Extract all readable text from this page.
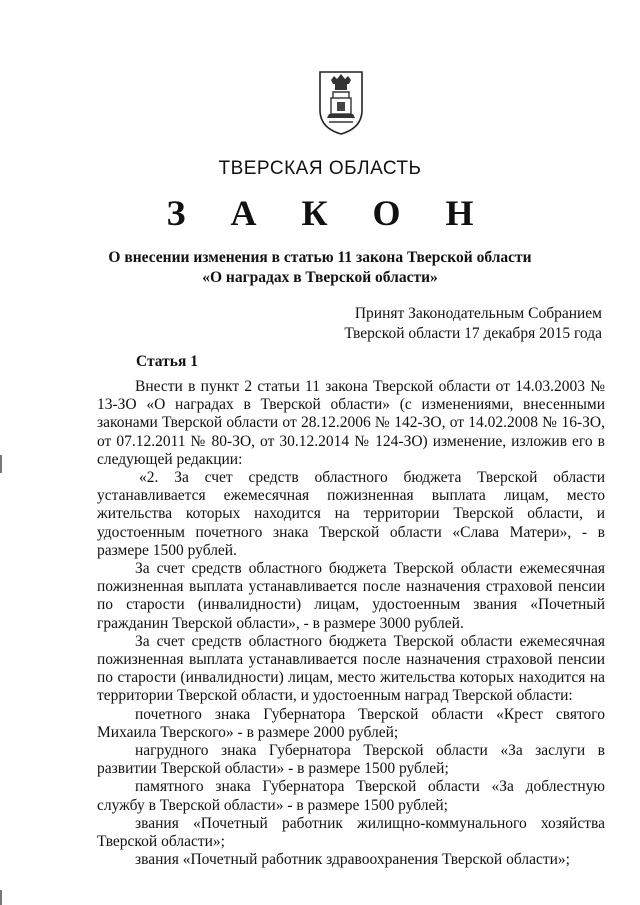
ТВЕРСКАЯ ОБЛАСТЬ
З А К О Н
О внесении изменения в статью 11 закона Тверской области
«О наградах в Тверской области»
Принят Законодательным Собранием
Тверской области 17 декабря 2015 года
Статья 1

Внести в пункт 2 статьи 11 закона Тверской области от 14.03.2003 № 13-ЗО «О наградах в Тверской области» (с изменениями, внесенными законами Тверской области от 28.12.2006 № 142-ЗО, от 14.02.2008 № 16-ЗО, от 07.12.2011 № 80-ЗО, от 30.12.2014 № 124-ЗО) изменение, изложив его в следующей редакции:

«2. За счет средств областного бюджета Тверской области устанавливается ежемесячная пожизненная выплата лицам, место жительства которых находится на территории Тверской области, и удостоенным почетного знака Тверской области «Слава Матери», - в размере 1500 рублей.

За счет средств областного бюджета Тверской области ежемесячная пожизненная выплата устанавливается после назначения страховой пенсии по старости (инвалидности) лицам, удостоенным звания «Почетный гражданин Тверской области», - в размере 3000 рублей.

За счет средств областного бюджета Тверской области ежемесячная пожизненная выплата устанавливается после назначения страховой пенсии по старости (инвалидности) лицам, место жительства которых находится на территории Тверской области, и удостоенным наград Тверской области:

почетного знака Губернатора Тверской области «Крест святого Михаила Тверского» - в размере 2000 рублей;

нагрудного знака Губернатора Тверской области «За заслуги в развитии Тверской области» - в размере 1500 рублей;

памятного знака Губернатора Тверской области «За доблестную службу в Тверской области» - в размере 1500 рублей;

звания «Почетный работник жилищно-коммунального хозяйства Тверской области»;

звания «Почетный работник здравоохранения Тверской области»;
